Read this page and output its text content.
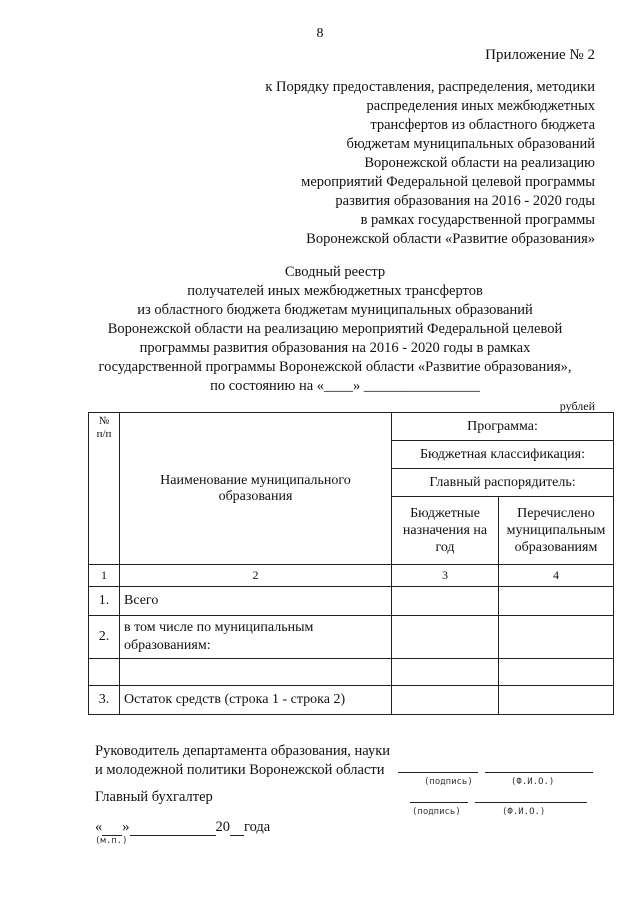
8
Приложение № 2
к Порядку предоставления, распределения, методики
распределения иных межбюджетных
трансфертов из областного бюджета
бюджетам муниципальных образований
Воронежской области на реализацию
мероприятий Федеральной целевой программы
развития образования на 2016 - 2020 годы
в рамках государственной программы
Воронежской области «Развитие образования»
Сводный реестр
получателей иных межбюджетных трансфертов
из областного бюджета бюджетам муниципальных образований
Воронежской области на реализацию мероприятий Федеральной целевой
программы развития образования на 2016 - 2020 годы в рамках
государственной программы Воронежской области «Развитие образования»,
по состоянию на «____» ________________
рублей
№ п/п	Наименование муниципального образования	Программа:	
		Бюджетная классификация:	
		Главный распорядитель:	
		Бюджетные назначения на год	Перечислено муниципальным образованиям
1	2	3	4
1.	Всего		
2.	в том числе по муниципальным образованиям:		

3.	Остаток средств (строка 1 - строка 2)		
Руководитель департамента образования, науки
и молодежной политики Воронежской области
(подпись)	(Ф.И.О.)
Главный бухгалтер
(подпись)	(Ф.И.О.)
« »	20 года
(м.п.)
